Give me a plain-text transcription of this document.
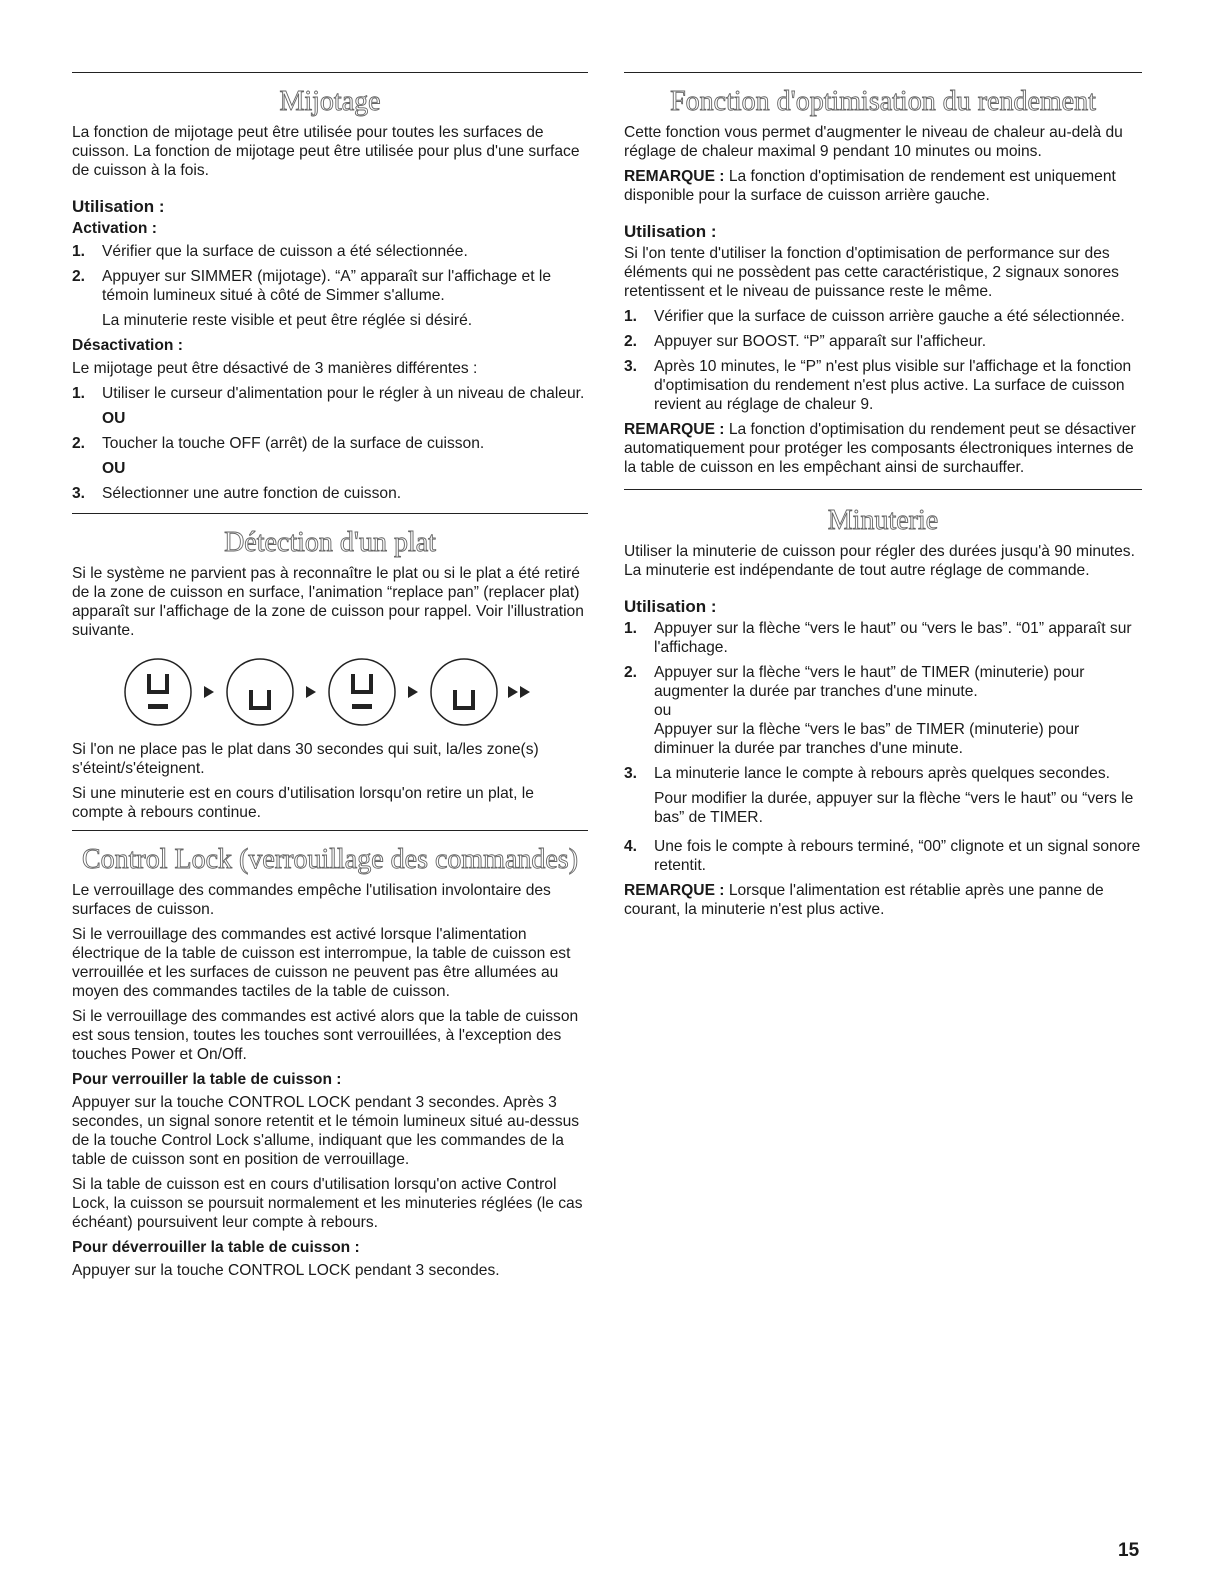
Mijotage

La fonction de mijotage peut être utilisée pour toutes les surfaces de cuisson. La fonction de mijotage peut être utilisée pour plus d'une surface de cuisson à la fois.

Utilisation :
Activation :
1. Vérifier que la surface de cuisson a été sélectionnée.
2. Appuyer sur SIMMER (mijotage). “A” apparaît sur l'affichage et le témoin lumineux situé à côté de Simmer s'allume.
La minuterie reste visible et peut être réglée si désiré.
Désactivation :

Le mijotage peut être désactivé de 3 manières différentes :

1. Utiliser le curseur d'alimentation pour le régler à un niveau de chaleur.
OU
2. Toucher la touche OFF (arrêt) de la surface de cuisson.
OU
3. Sélectionner une autre fonction de cuisson.
Détection d'un plat

Si le système ne parvient pas à reconnaître le plat ou si le plat a été retiré de la zone de cuisson en surface, l'animation “replace pan” (replacer plat) apparaît sur l'affichage de la zone de cuisson pour rappel. Voir l'illustration suivante.

Si l'on ne place pas le plat dans 30 secondes qui suit, la/les zone(s) s'éteint/s'éteignent.

Si une minuterie est en cours d'utilisation lorsqu'on retire un plat, le compte à rebours continue.

Control Lock (verrouillage des commandes)

Le verrouillage des commandes empêche l'utilisation involontaire des surfaces de cuisson.

Si le verrouillage des commandes est activé lorsque l'alimentation électrique de la table de cuisson est interrompue, la table de cuisson est verrouillée et les surfaces de cuisson ne peuvent pas être allumées au moyen des commandes tactiles de la table de cuisson.

Si le verrouillage des commandes est activé alors que la table de cuisson est sous tension, toutes les touches sont verrouillées, à l'exception des touches Power et On/Off.

Pour verrouiller la table de cuisson :

Appuyer sur la touche CONTROL LOCK pendant 3 secondes. Après 3 secondes, un signal sonore retentit et le témoin lumineux situé au-dessus de la touche Control Lock s'allume, indiquant que les commandes de la table de cuisson sont en position de verrouillage.

Si la table de cuisson est en cours d'utilisation lorsqu'on active Control Lock, la cuisson se poursuit normalement et les minuteries réglées (le cas échéant) poursuivent leur compte à rebours.

Pour déverrouiller la table de cuisson :

Appuyer sur la touche CONTROL LOCK pendant 3 secondes.

Fonction d'optimisation du rendement

Cette fonction vous permet d'augmenter le niveau de chaleur au-delà du réglage de chaleur maximal 9 pendant 10 minutes ou moins.

REMARQUE : La fonction d'optimisation de rendement est uniquement disponible pour la surface de cuisson arrière gauche.

Utilisation :

Si l'on tente d'utiliser la fonction d'optimisation de performance sur des éléments qui ne possèdent pas cette caractéristique, 2 signaux sonores retentissent et le niveau de puissance reste le même.

1. Vérifier que la surface de cuisson arrière gauche a été sélectionnée.
2. Appuyer sur BOOST. “P” apparaît sur l'afficheur.
3. Après 10 minutes, le “P” n'est plus visible sur l'affichage et la fonction d'optimisation du rendement n'est plus active. La surface de cuisson revient au réglage de chaleur 9.

REMARQUE : La fonction d'optimisation du rendement peut se désactiver automatiquement pour protéger les composants électroniques internes de la table de cuisson en les empêchant ainsi de surchauffer.

Minuterie

Utiliser la minuterie de cuisson pour régler des durées jusqu'à 90 minutes. La minuterie est indépendante de tout autre réglage de commande.

Utilisation :
1. Appuyer sur la flèche “vers le haut” ou “vers le bas”. “01” apparaît sur l'affichage.
2. Appuyer sur la flèche “vers le haut” de TIMER (minuterie) pour augmenter la durée par tranches d'une minute.
ou
Appuyer sur la flèche “vers le bas” de TIMER (minuterie) pour diminuer la durée par tranches d'une minute.
3. La minuterie lance le compte à rebours après quelques secondes.
Pour modifier la durée, appuyer sur la flèche “vers le haut” ou “vers le bas” de TIMER.
4. Une fois le compte à rebours terminé, “00” clignote et un signal sonore retentit.

REMARQUE : Lorsque l'alimentation est rétablie après une panne de courant, la minuterie n'est plus active.

15
